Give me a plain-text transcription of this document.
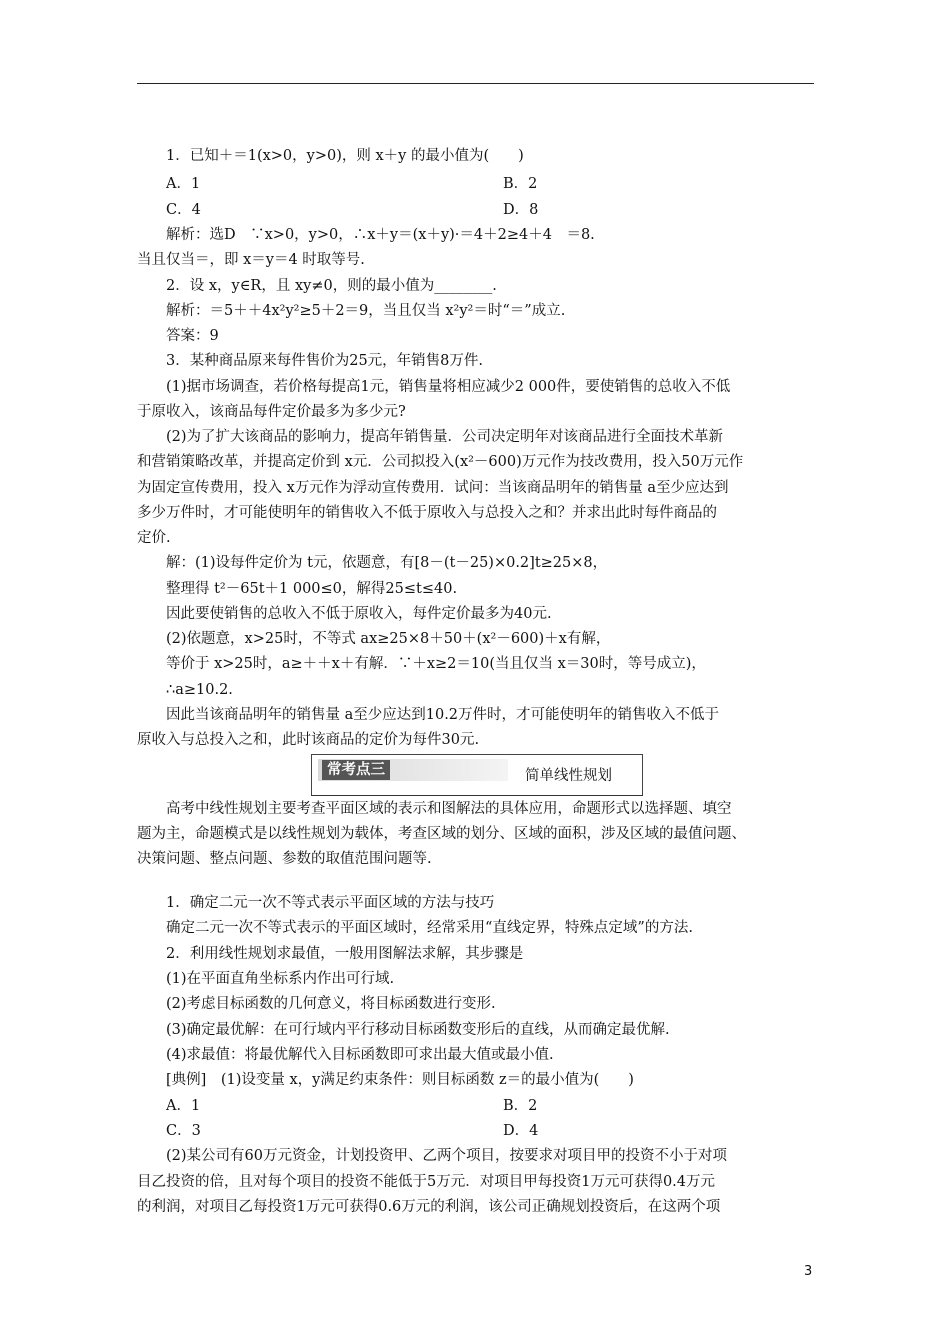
1．已知＋＝1(x>0，y>0)，则 x＋y 的最小值为(　　)
A．1	B．2
C．4	D．8
解析：选D　∵x>0，y>0，∴x＋y＝(x＋y)·＝4＋2≥4＋4　＝8.
当且仅当＝，即 x＝y＝4 时取等号.
2．设 x，y∈R，且 xy≠0，则的最小值为________.
解析：＝5＋＋4x²y²≥5＋2＝9，当且仅当 x²y²＝时“＝”成立.
答案：9
3．某种商品原来每件售价为25元，年销售8万件.
(1)据市场调查，若价格每提高1元，销售量将相应减少2 000件，要使销售的总收入不低
于原收入，该商品每件定价最多为多少元?
(2)为了扩大该商品的影响力，提高年销售量．公司决定明年对该商品进行全面技术革新
和营销策略改革，并提高定价到 x元．公司拟投入(x²－600)万元作为技改费用，投入50万元作
为固定宣传费用，投入 x万元作为浮动宣传费用．试问：当该商品明年的销售量 a至少应达到
多少万件时，才可能使明年的销售收入不低于原收入与总投入之和？并求出此时每件商品的
定价.
解：(1)设每件定价为 t元，依题意，有[8－(t－25)×0.2]t≥25×8，
整理得 t²－65t＋1 000≤0，解得25≤t≤40.
因此要使销售的总收入不低于原收入，每件定价最多为40元.
(2)依题意，x>25时，不等式 ax≥25×8＋50＋(x²－600)＋x有解，
等价于 x>25时，a≥＋＋x＋有解．∵＋x≥2＝10(当且仅当 x＝30时，等号成立)，
∴a≥10.2.
因此当该商品明年的销售量 a至少应达到10.2万件时，才可能使明年的销售收入不低于
原收入与总投入之和，此时该商品的定价为每件30元.
常考点三	简单线性规划
高考中线性规划主要考查平面区域的表示和图解法的具体应用，命题形式以选择题、填空
题为主，命题模式是以线性规划为载体，考查区域的划分、区域的面积，涉及区域的最值问题、
决策问题、整点问题、参数的取值范围问题等.
1．确定二元一次不等式表示平面区域的方法与技巧
确定二元一次不等式表示的平面区域时，经常采用“直线定界，特殊点定域”的方法.
2．利用线性规划求最值，一般用图解法求解，其步骤是
(1)在平面直角坐标系内作出可行域.
(2)考虑目标函数的几何意义，将目标函数进行变形.
(3)确定最优解：在可行域内平行移动目标函数变形后的直线，从而确定最优解.
(4)求最值：将最优解代入目标函数即可求出最大值或最小值.
[典例]　(1)设变量 x，y满足约束条件：则目标函数 z＝的最小值为(　　)
A．1	B．2
C．3	D．4
(2)某公司有60万元资金，计划投资甲、乙两个项目，按要求对项目甲的投资不小于对项
目乙投资的倍，且对每个项目的投资不能低于5万元．对项目甲每投资1万元可获得0.4万元
的利润，对项目乙每投资1万元可获得0.6万元的利润，该公司正确规划投资后，在这两个项
3
